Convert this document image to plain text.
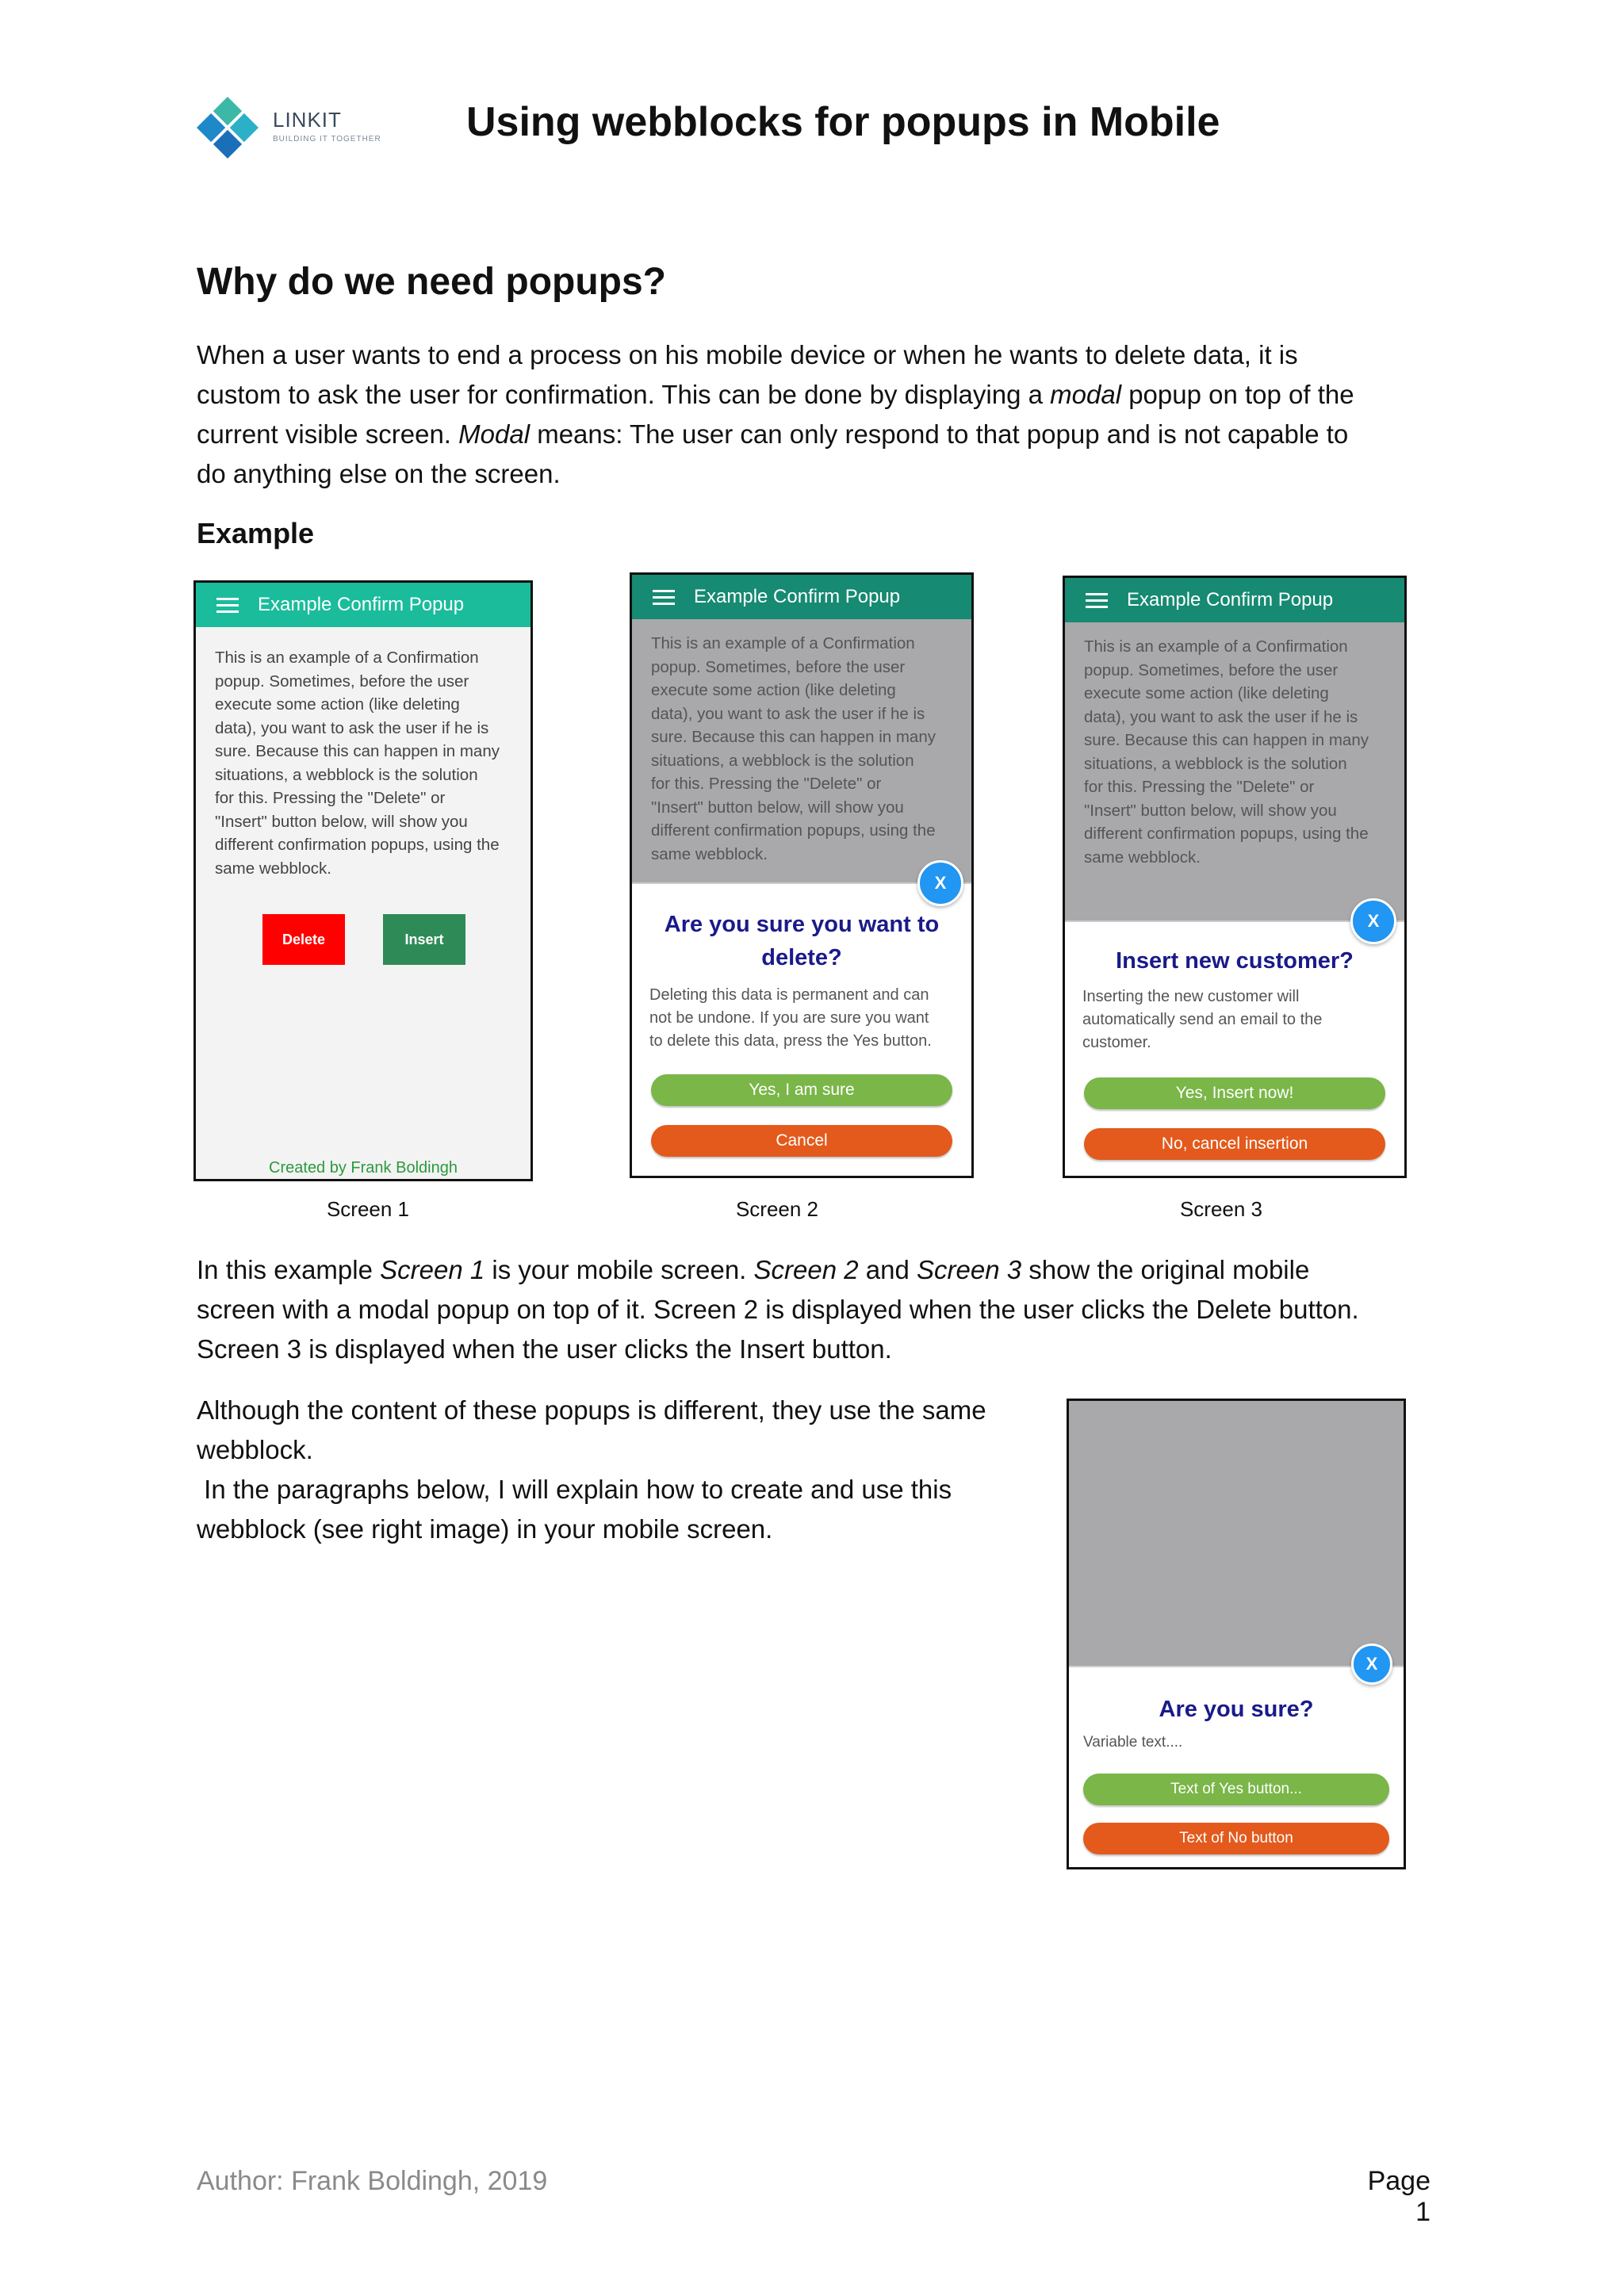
LINKIT
BUILDING IT TOGETHER Using webblocks for popups in Mobile
Why do we need popups?
When a user wants to end a process on his mobile device or when he wants to delete data, it is
custom to ask the user for confirmation. This can be done by displaying a modal popup on top of the
current visible screen. Modal means: The user can only respond to that popup and is not capable to
do anything else on the screen.
Example
Example Confirm Popup
This is an example of a Confirmation
popup. Sometimes, before the user
execute some action (like deleting
data), you want to ask the user if he is
sure. Because this can happen in many
situations, a webblock is the solution
for this. Pressing the "Delete" or
"Insert" button below, will show you
different confirmation popups, using the
same webblock.
Delete	Insert
Created by Frank Boldingh
Screen 1
Example Confirm Popup
This is an example of a Confirmation
popup. Sometimes, before the user
execute some action (like deleting
data), you want to ask the user if he is
sure. Because this can happen in many
situations, a webblock is the solution
for this. Pressing the "Delete" or
"Insert" button below, will show you
different confirmation popups, using the
same webblock.
Are you sure you want to
delete?
Deleting this data is permanent and can
not be undone. If you are sure you want
to delete this data, press the Yes button.
Yes, I am sure
Cancel
X
Screen 2
Example Confirm Popup
This is an example of a Confirmation
popup. Sometimes, before the user
execute some action (like deleting
data), you want to ask the user if he is
sure. Because this can happen in many
situations, a webblock is the solution
for this. Pressing the "Delete" or
"Insert" button below, will show you
different confirmation popups, using the
same webblock.
Insert new customer?
Inserting the new customer will
automatically send an email to the
customer.
Yes, Insert now!
No, cancel insertion
X
Screen 3
In this example Screen 1 is your mobile screen. Screen 2 and Screen 3 show the original mobile
screen with a modal popup on top of it. Screen 2 is displayed when the user clicks the Delete button.
Screen 3 is displayed when the user clicks the Insert button.
Although the content of these popups is different, they use the same
webblock.
In the paragraphs below, I will explain how to create and use this
webblock (see right image) in your mobile screen.
Are you sure?
Variable text....
Text of Yes button...
Text of No button
X
Author: Frank Boldingh, 2019	Page 1
